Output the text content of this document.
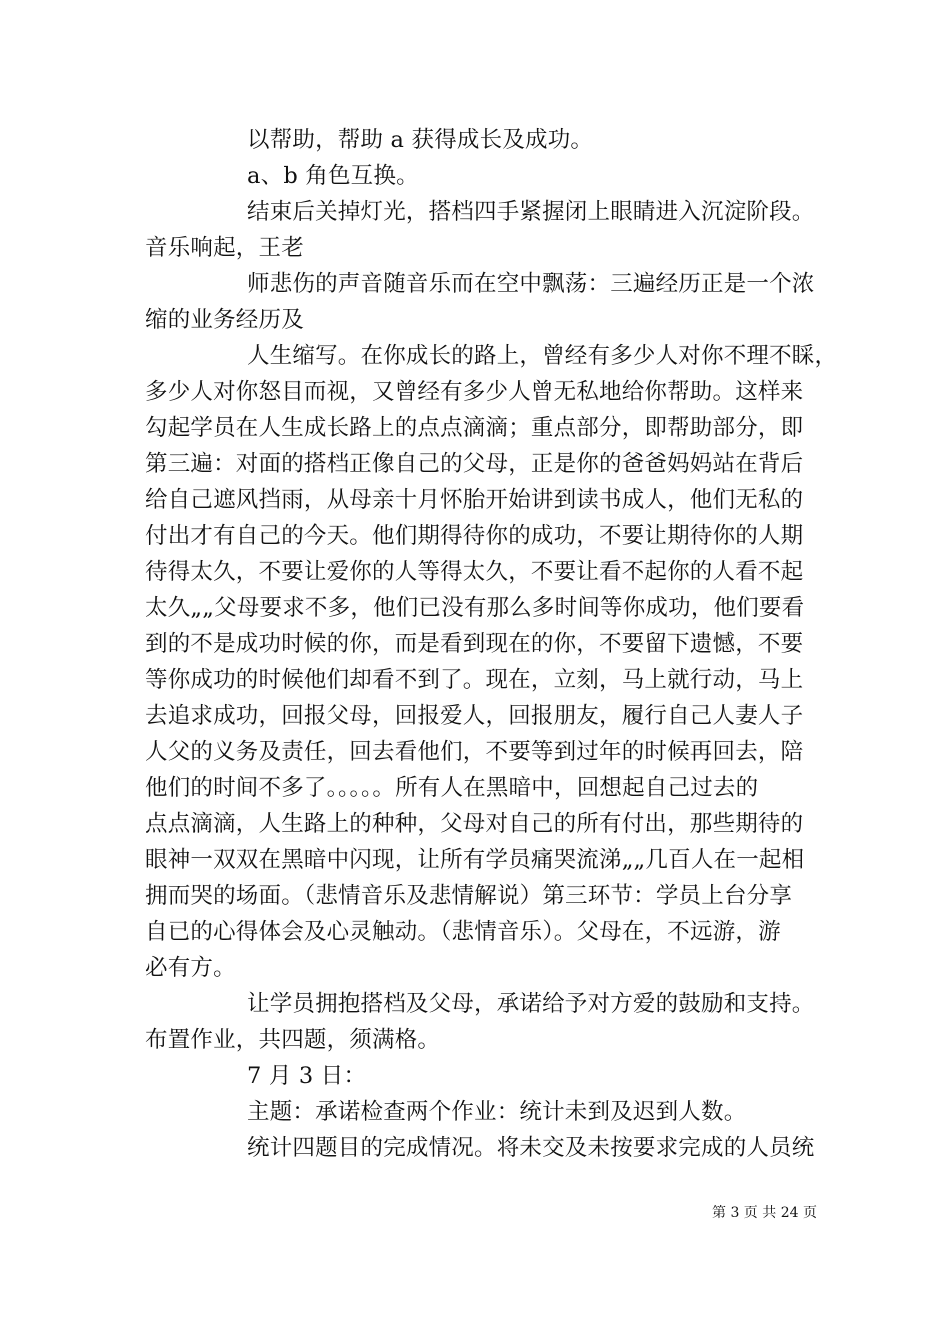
以帮助，帮助 a 获得成长及成功。
a、b 角色互换。
结束后关掉灯光，搭档四手紧握闭上眼睛进入沉淀阶段。
音乐响起，王老
师悲伤的声音随音乐而在空中飘荡：三遍经历正是一个浓
缩的业务经历及
人生缩写。在你成长的路上，曾经有多少人对你不理不睬，
多少人对你怒目而视，又曾经有多少人曾无私地给你帮助。这样来
勾起学员在人生成长路上的点点滴滴；重点部分，即帮助部分，即
第三遍：对面的搭档正像自己的父母，正是你的爸爸妈妈站在背后
给自己遮风挡雨，从母亲十月怀胎开始讲到读书成人，他们无私的
付出才有自己的今天。他们期得待你的成功，不要让期待你的人期
待得太久，不要让爱你的人等得太久，不要让看不起你的人看不起
太久„„父母要求不多，他们已没有那么多时间等你成功，他们要看
到的不是成功时候的你，而是看到现在的你，不要留下遗憾，不要
等你成功的时候他们却看不到了。现在，立刻，马上就行动，马上
去追求成功，回报父母，回报爱人，回报朋友，履行自己人妻人子
人父的义务及责任，回去看他们，不要等到过年的时候再回去，陪
他们的时间不多了。。。。。所有人在黑暗中，回想起自己过去的
点点滴滴，人生路上的种种，父母对自己的所有付出，那些期待的
眼神一双双在黑暗中闪现，让所有学员痛哭流涕„„几百人在一起相
拥而哭的场面。（悲情音乐及悲情解说）第三环节：学员上台分享
自已的心得体会及心灵触动。（悲情音乐）。父母在，不远游，游
必有方。
让学员拥抱搭档及父母，承诺给予对方爱的鼓励和支持。
布置作业，共四题，须满格。
7 月 3 日：
主题：承诺检查两个作业：统计未到及迟到人数。
统计四题目的完成情况。将未交及未按要求完成的人员统
第 3 页 共 24 页
